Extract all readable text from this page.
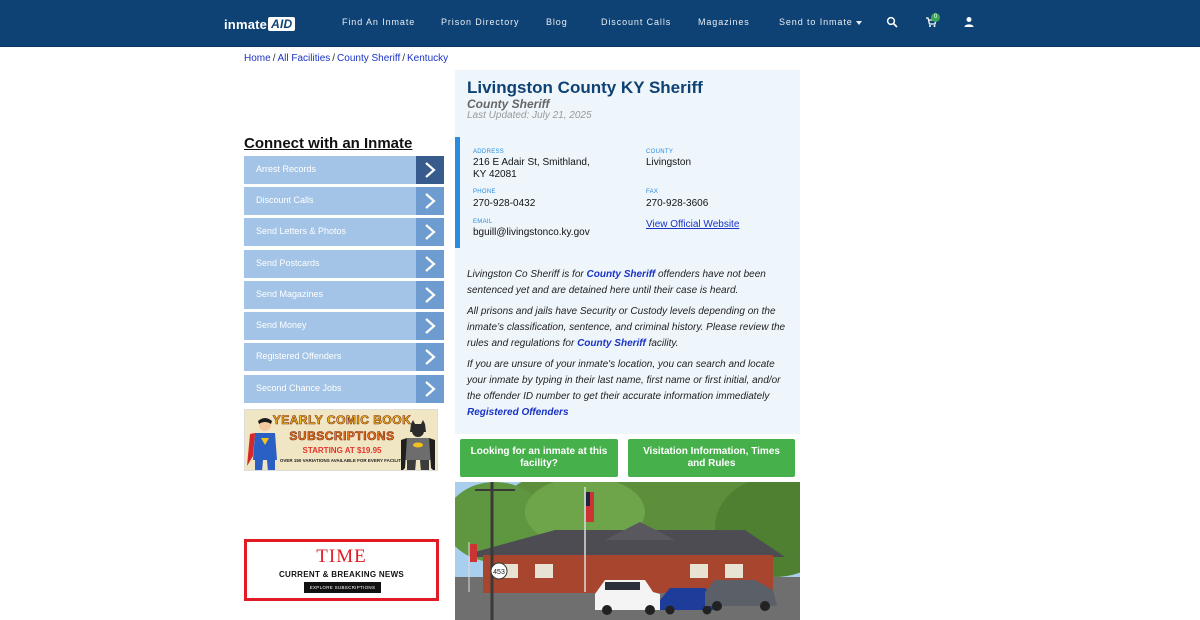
inmate AID	Find An Inmate	Prison Directory	Blog	Discount Calls	Magazines	Send to Inmate	0
Home / All Facilities / County Sheriff / Kentucky
Connect with an Inmate
Arrest Records
Discount Calls
Send Letters & Photos
Send Postcards
Send Magazines
Send Money
Registered Offenders
Second Chance Jobs
YEARLY COMIC BOOK
SUBSCRIPTIONS
STARTING AT $19.95
OVER 150 VARIATIONS AVAILABLE FOR EVERY FACILITY
TIME
CURRENT & BREAKING NEWS
EXPLORE SUBSCRIPTIONS
Livingston County KY Sheriff
County Sheriff
Last Updated: July 21, 2025
ADDRESS
216 E Adair St, Smithland,
KY 42081
COUNTY
Livingston
PHONE
270-928-0432
FAX
270-928-3606
EMAIL
bguill@livingstonco.ky.gov
View Official Website

Livingston Co Sheriff is for County Sheriff offenders have not been sentenced yet and are detained here until their case is heard.

All prisons and jails have Security or Custody levels depending on the inmate’s classification, sentence, and criminal history. Please review the rules and regulations for County Sheriff facility.

If you are unsure of your inmate's location, you can search and locate your inmate by typing in their last name, first name or first initial, and/or the offender ID number to get their accurate information immediately Registered Offenders

Looking for an inmate at this facility?
Visitation Information, Times and Rules
453
